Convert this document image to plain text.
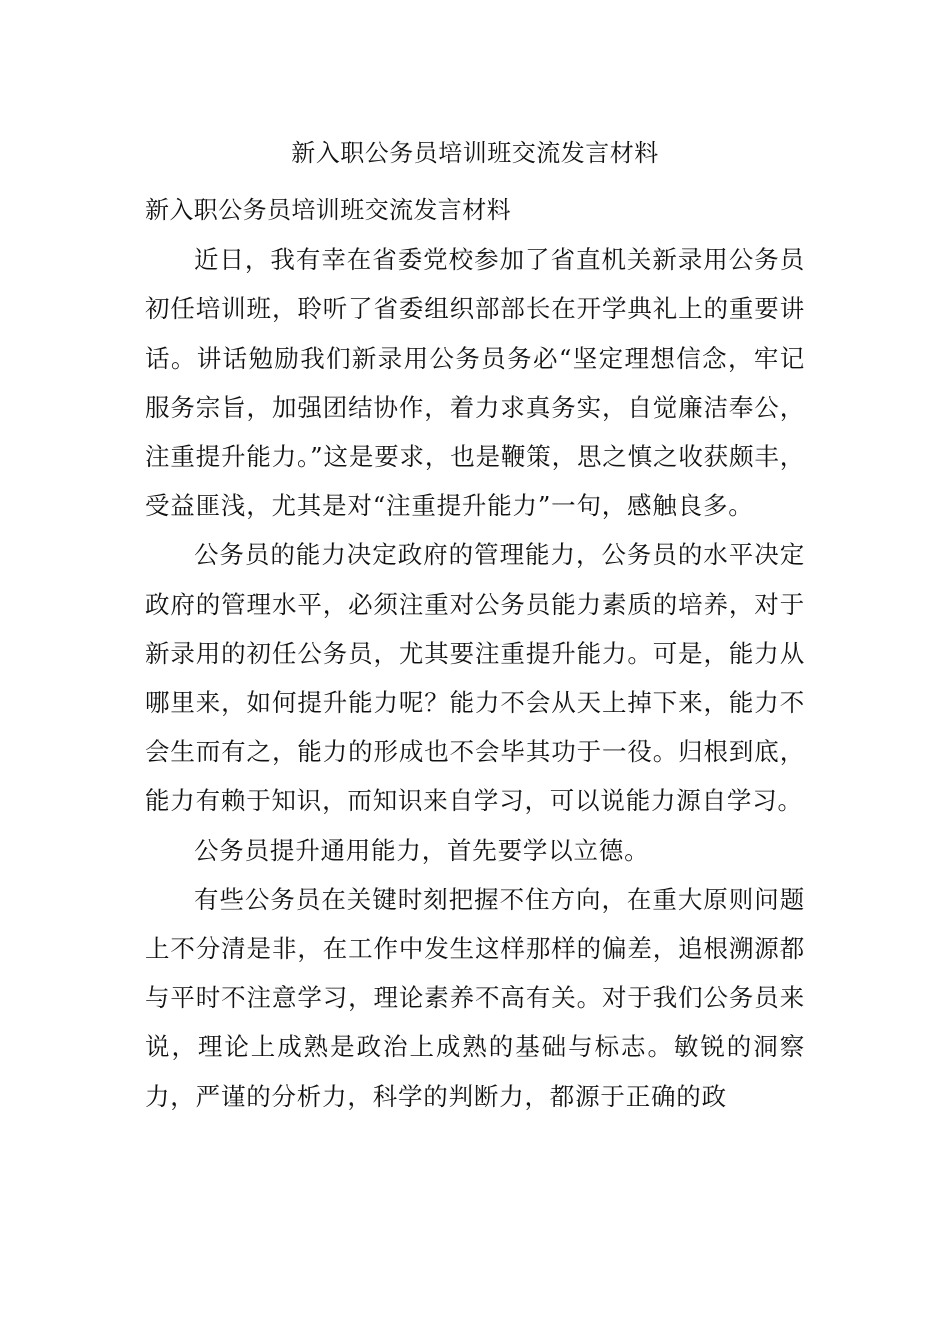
新入职公务员培训班交流发言材料

新入职公务员培训班交流发言材料

近日，我有幸在省委党校参加了省直机关新录用公务员初任培训班，聆听了省委组织部部长在开学典礼上的重要讲话。讲话勉励我们新录用公务员务必“坚定理想信念，牢记服务宗旨，加强团结协作，着力求真务实，自觉廉洁奉公，注重提升能力。”这是要求，也是鞭策，思之慎之收获颇丰，受益匪浅，尤其是对“注重提升能力”一句，感触良多。

公务员的能力决定政府的管理能力，公务员的水平决定政府的管理水平，必须注重对公务员能力素质的培养，对于新录用的初任公务员，尤其要注重提升能力。可是，能力从哪里来，如何提升能力呢？能力不会从天上掉下来，能力不会生而有之，能力的形成也不会毕其功于一役。归根到底，能力有赖于知识，而知识来自学习，可以说能力源自学习。

公务员提升通用能力，首先要学以立德。

有些公务员在关键时刻把握不住方向，在重大原则问题上不分清是非，在工作中发生这样那样的偏差，追根溯源都与平时不注意学习，理论素养不高有关。对于我们公务员来说，理论上成熟是政治上成熟的基础与标志。敏锐的洞察力，严谨的分析力，科学的判断力，都源于正确的政
